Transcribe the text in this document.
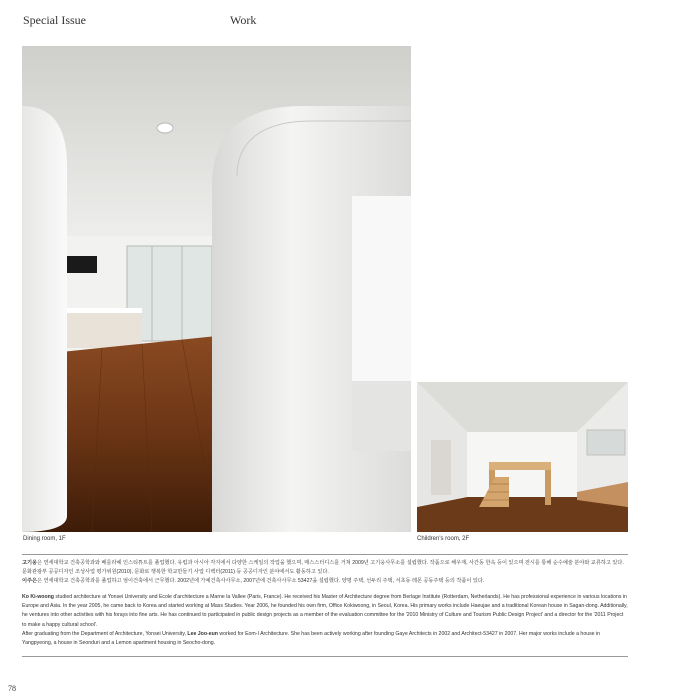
Special Issue	Work
Dining room, 1F	Children's room, 2F

고기웅은 연세대학교 건축공학과와 베를라헤 인스티튜트를 졸업했다. 유럽과 아시아 각지에서 다양한 스케일의 작업을 했으며, 매스스터디스를 거쳐 2009년 고기웅사무소를 설립했다. 작품으로 해우재, 사간동 한옥 등이 있으며 전시를 통해 순수예술 분야와 교류하고 있다. 문화관광부 공공디자인 조성사업 평가위원(2010), 문화로 행복한 학교만들기 사업 디렉터(2011) 등 공공디자인 분야에서도 활동하고 있다.

이주은은 연세대학교 건축공학과를 졸업하고 엄이건축에서 근무했다. 2002년에 가예건축사사무소, 2007년에 건축사사무소 53427을 설립했다. 양평 주택, 선두리 주택, 서초동 레몬 공동주택 등의 작품이 있다.

Ko Ki-woong studied architecture at Yonsei University and Ecole d'architecture a Marne la Vallee (Paris, France). He received his Master of Architecture degree from Berlage Institute (Rotterdam, Netherlands). He has professional experience in various locations in Europe and Asia. In the year 2005, he came back to Korea and started working at Mass Studies. Year 2006, he founded his own firm, Office Kokiwoong, in Seoul, Korea. His primary works include Haeujae and a traditional Korean house in Sagan-dong. Additionally, he ventures into other activities with his forays into fine arts. He has continued to participated in public design projects as a member of the evaluation committee for the '2010 Ministry of Culture and Tourism Public Design Project' and a director for the '2011 Project to make a happy cultural school'.

After graduating from the Department of Architecture, Yonsei University, Lee Joo-eun worked for Eom-I Architecture. She has been actively working after founding Gaye Architects in 2002 and Architect-53427 in 2007. Her major works include a house in Yangpyeong, a house in Seonduri and a Lemon apartment housing in Seocho-dong.

78
